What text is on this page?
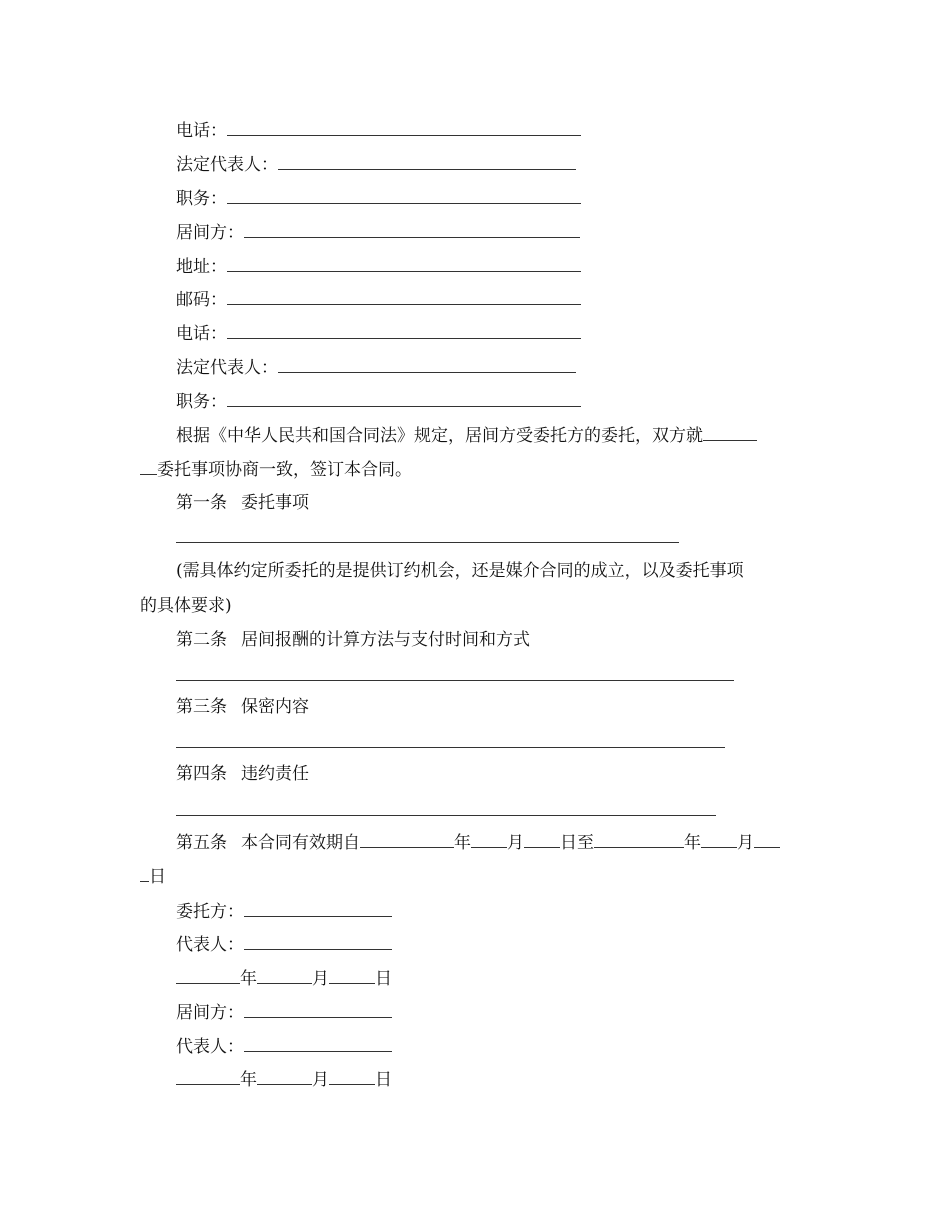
电话：
法定代表人：
职务：
居间方：
地址：
邮码：
电话：
法定代表人：
职务：
根据《中华人民共和国合同法》规定，居间方受委托方的委托，双方就
委托事项协商一致，签订本合同。
第一条 委托事项
(需具体约定所委托的是提供订约机会，还是媒介合同的成立，以及委托事项
的具体要求)
第二条 居间报酬的计算方法与支付时间和方式
第三条 保密内容
第四条 违约责任
第五条 本合同有效期自	年 月 日至	年 月
日
委托方：
代表人：
年	月	日
居间方：
代表人：
年	月	日
